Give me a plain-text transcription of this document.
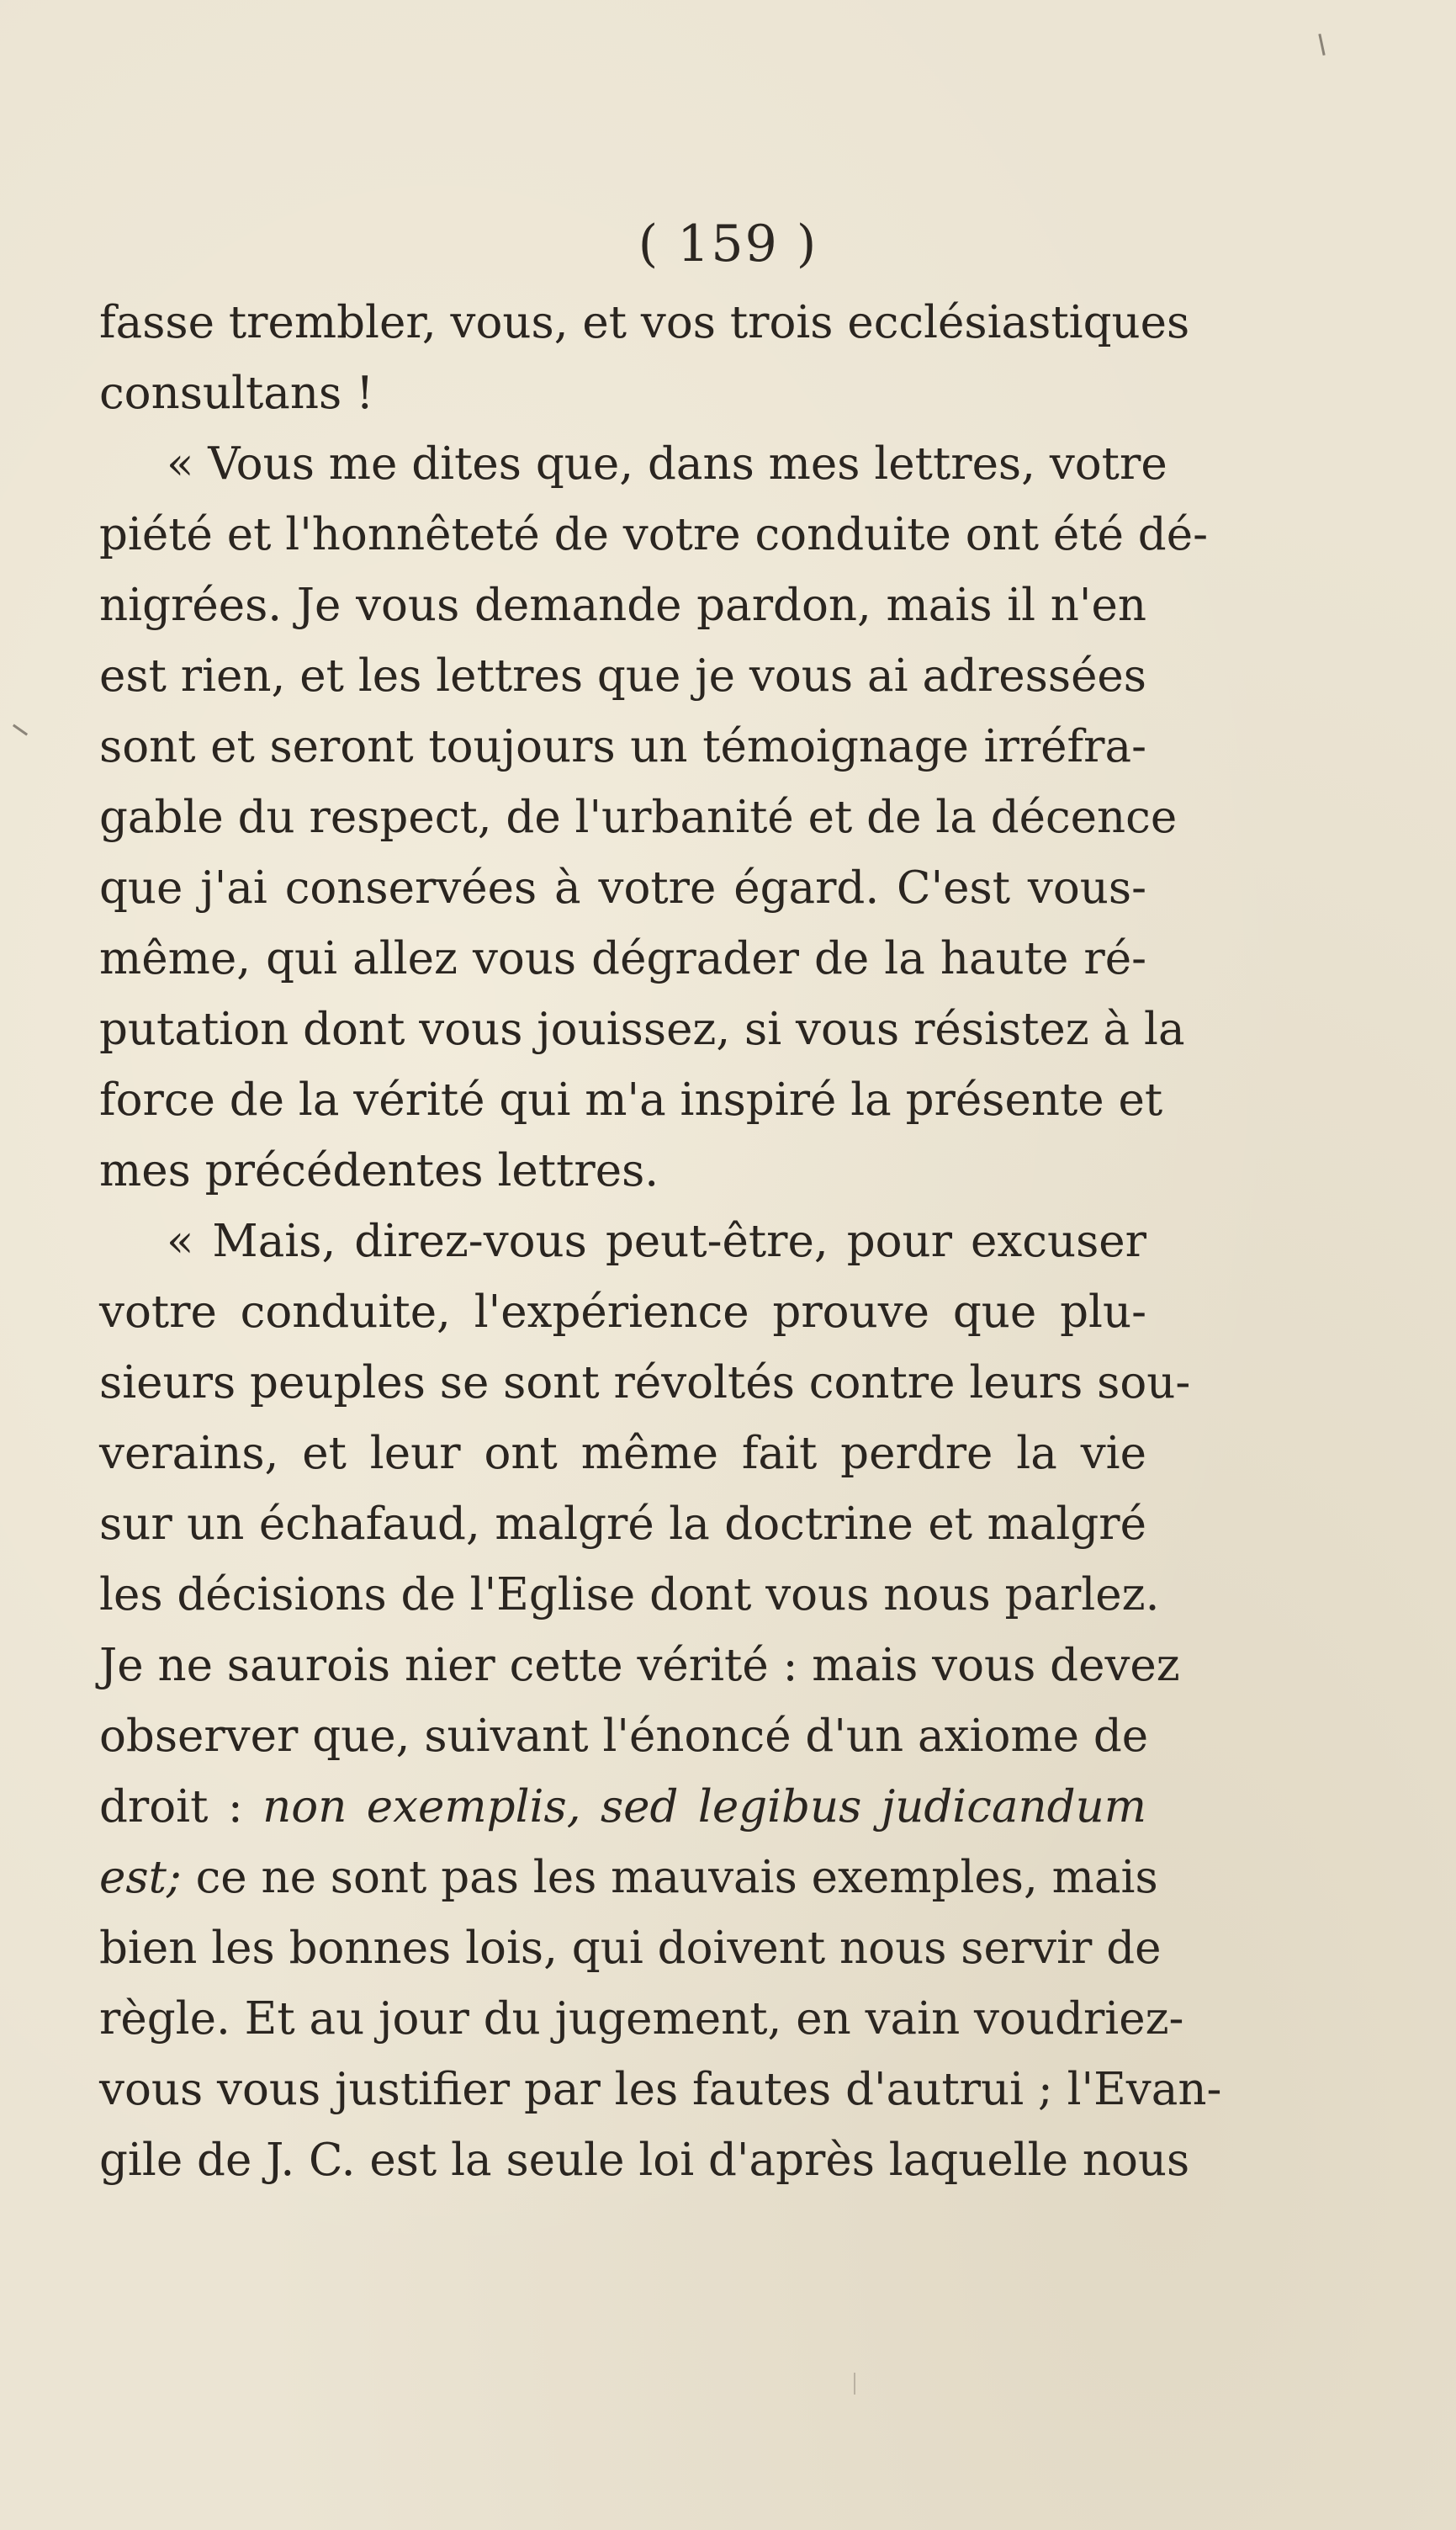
( 159 )
fasse trembler, vous, et vos trois ecclésiastiques
consultans !
« Vous me dites que, dans mes lettres, votre
piété et l'honnêteté de votre conduite ont été dé-
nigrées. Je vous demande pardon, mais il n'en
est rien, et les lettres que je vous ai adressées
sont et seront toujours un témoignage irréfra-
gable du respect, de l'urbanité et de la décence
que j'ai conservées à votre égard. C'est vous-
même, qui allez vous dégrader de la haute ré-
putation dont vous jouissez, si vous résistez à la
force de la vérité qui m'a inspiré la présente et
mes précédentes lettres.
« Mais, direz-vous peut-être, pour excuser
votre conduite, l'expérience prouve que plu-
sieurs peuples se sont révoltés contre leurs sou-
verains, et leur ont même fait perdre la vie
sur un échafaud, malgré la doctrine et malgré
les décisions de l'Eglise dont vous nous parlez.
Je ne saurois nier cette vérité : mais vous devez
observer que, suivant l'énoncé d'un axiome de
droit : non exemplis, sed legibus judicandum
est; ce ne sont pas les mauvais exemples, mais
bien les bonnes lois, qui doivent nous servir de
règle. Et au jour du jugement, en vain voudriez-
vous vous justifier par les fautes d'autrui ; l'Evan-
gile de J. C. est la seule loi d'après laquelle nous
